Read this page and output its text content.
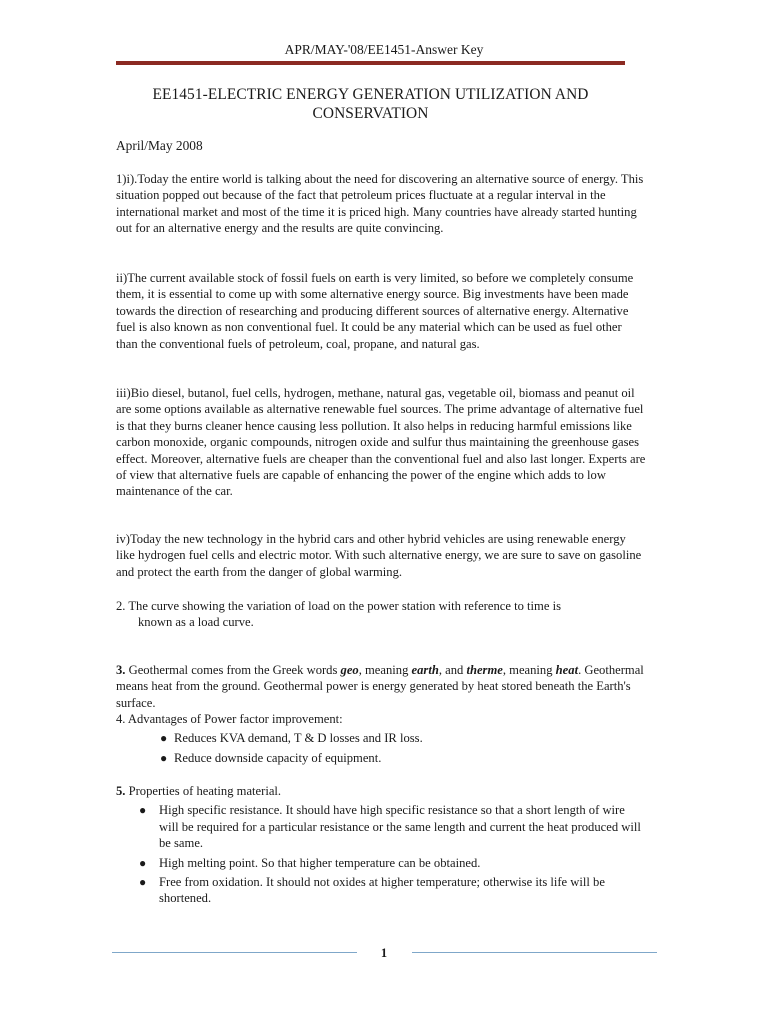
APR/MAY-'08/EE1451-Answer Key
EE1451-ELECTRIC ENERGY GENERATION UTILIZATION AND CONSERVATION
April/May 2008

1)i).Today the entire world is talking about the need for discovering an alternative source of energy. This situation popped out because of the fact that petroleum prices fluctuate at a regular interval in the international market and most of the time it is priced high. Many countries have already started hunting out for an alternative energy and the results are quite convincing.

ii)The current available stock of fossil fuels on earth is very limited, so before we completely consume them, it is essential to come up with some alternative energy source. Big investments have been made towards the direction of researching and producing different sources of alternative energy. Alternative fuel is also known as non conventional fuel. It could be any material which can be used as fuel other than the conventional fuels of petroleum, coal, propane, and natural gas.

iii)Bio diesel, butanol, fuel cells, hydrogen, methane, natural gas, vegetable oil, biomass and peanut oil are some options available as alternative renewable fuel sources. The prime advantage of alternative fuel is that they burns cleaner hence causing less pollution. It also helps in reducing harmful emissions like carbon monoxide, organic compounds, nitrogen oxide and sulfur thus maintaining the greenhouse gases effect. Moreover, alternative fuels are cheaper than the conventional fuel and also last longer. Experts are of view that alternative fuels are capable of enhancing the power of the engine which adds to low maintenance of the car.

iv)Today the new technology in the hybrid cars and other hybrid vehicles are using renewable energy like hydrogen fuel cells and electric motor. With such alternative energy, we are sure to save on gasoline and protect the earth from the danger of global warming.

2. The curve showing the variation of load on the power station with reference to time is
known as a load curve.
3. Geothermal comes from the Greek words geo, meaning earth, and therme, meaning heat. Geothermal means heat from the ground. Geothermal power is energy generated by heat stored beneath the Earth's surface.
4. Advantages of Power factor improvement:
● Reduces KVA demand, T & D losses and IR loss.
● Reduce downside capacity of equipment.
5. Properties of heating material.
● High specific resistance. It should have high specific resistance so that a short length of wire will be required for a particular resistance or the same length and current the heat produced will be same.
● High melting point. So that higher temperature can be obtained.
● Free from oxidation. It should not oxides at higher temperature; otherwise its life will be shortened.
1
